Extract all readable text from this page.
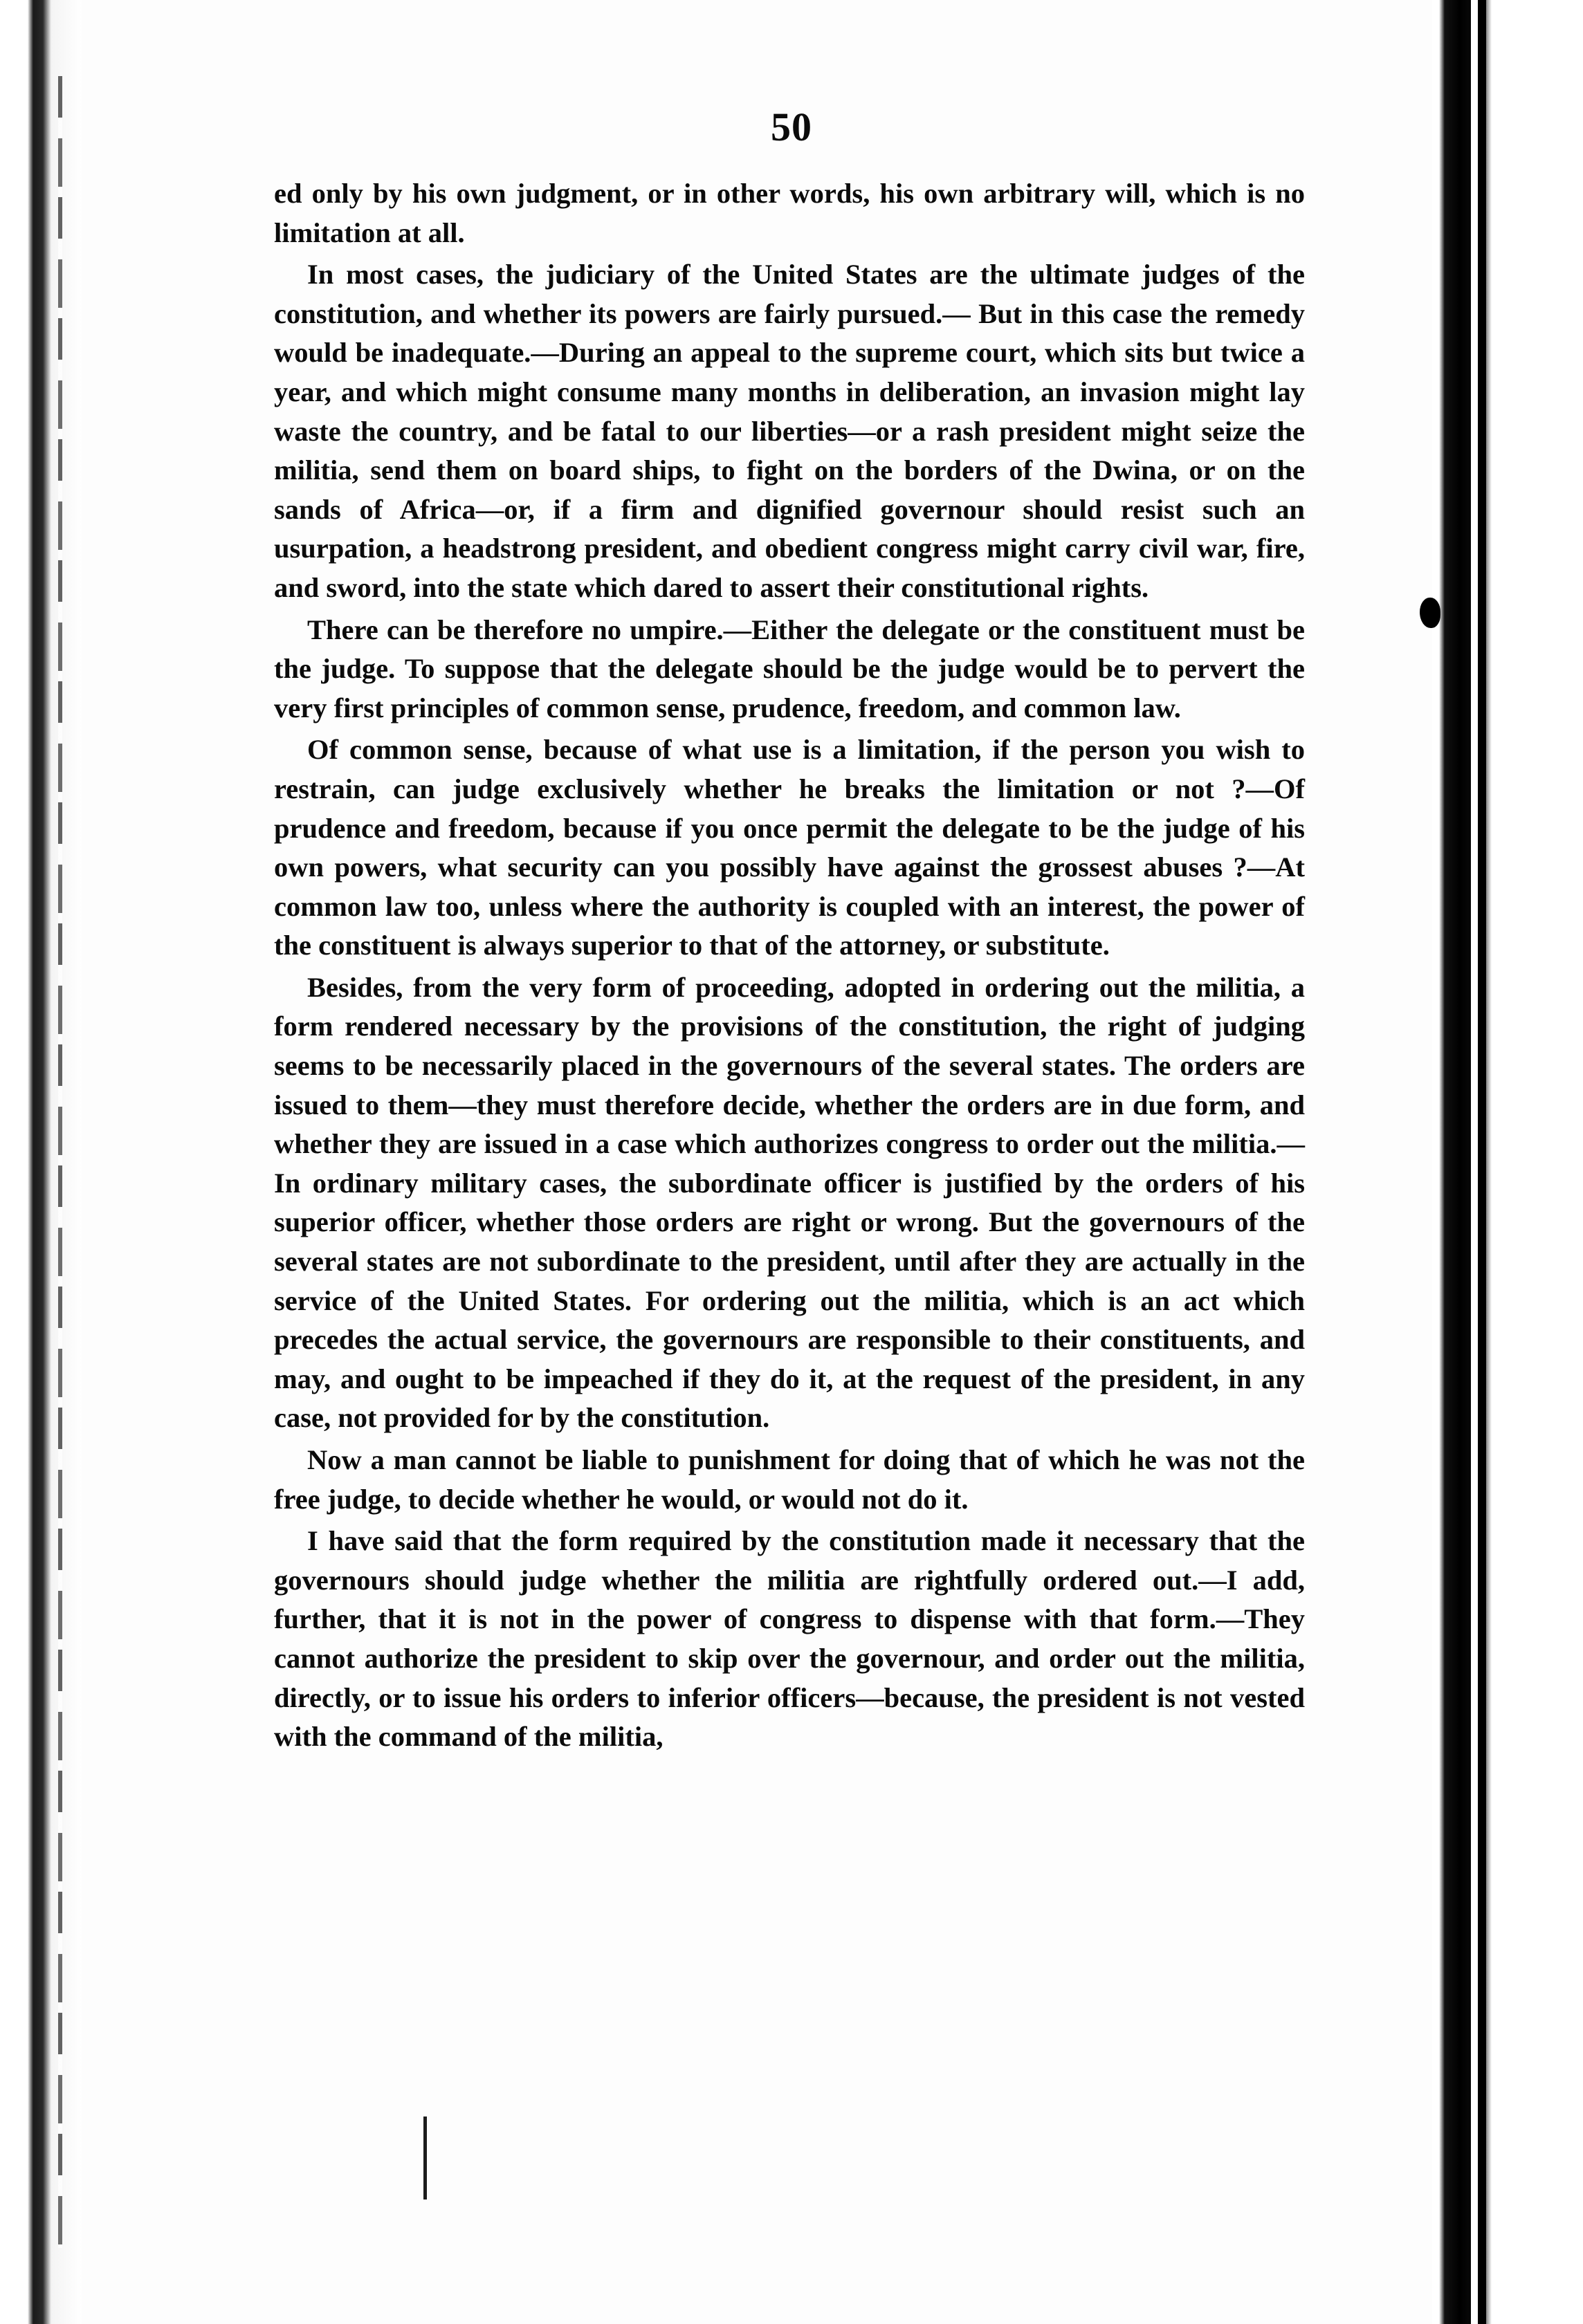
50

ed only by his own judgment, or in other words, his own arbitrary will, which is no limitation at all.

In most cases, the judiciary of the United States are the ultimate judges of the constitution, and whether its powers are fairly pursued.— But in this case the remedy would be inadequate.—During an appeal to the supreme court, which sits but twice a year, and which might consume many months in deliberation, an invasion might lay waste the country, and be fatal to our liberties—or a rash president might seize the militia, send them on board ships, to fight on the borders of the Dwina, or on the sands of Africa—or, if a firm and dignified governour should resist such an usurpation, a headstrong president, and obedient congress might carry civil war, fire, and sword, into the state which dared to assert their constitutional rights.

There can be therefore no umpire.—Either the delegate or the constituent must be the judge. To suppose that the delegate should be the judge would be to pervert the very first principles of common sense, prudence, freedom, and common law.

Of common sense, because of what use is a limitation, if the person you wish to restrain, can judge exclusively whether he breaks the limitation or not ?—Of prudence and freedom, because if you once permit the delegate to be the judge of his own powers, what security can you possibly have against the grossest abuses ?—At common law too, unless where the authority is coupled with an interest, the power of the constituent is always superior to that of the attorney, or substitute.

Besides, from the very form of proceeding, adopted in ordering out the militia, a form rendered necessary by the provisions of the constitution, the right of judging seems to be necessarily placed in the governours of the several states. The orders are issued to them—they must therefore decide, whether the orders are in due form, and whether they are issued in a case which authorizes congress to order out the militia.—In ordinary military cases, the subordinate officer is justified by the orders of his superior officer, whether those orders are right or wrong. But the governours of the several states are not subordinate to the president, until after they are actually in the service of the United States. For ordering out the militia, which is an act which precedes the actual service, the governours are responsible to their constituents, and may, and ought to be impeached if they do it, at the request of the president, in any case, not provided for by the constitution.

Now a man cannot be liable to punishment for doing that of which he was not the free judge, to decide whether he would, or would not do it.

I have said that the form required by the constitution made it necessary that the governours should judge whether the militia are rightfully ordered out.—I add, further, that it is not in the power of congress to dispense with that form.—They cannot authorize the president to skip over the governour, and order out the militia, directly, or to issue his orders to inferior officers—because, the president is not vested with the command of the militia,
